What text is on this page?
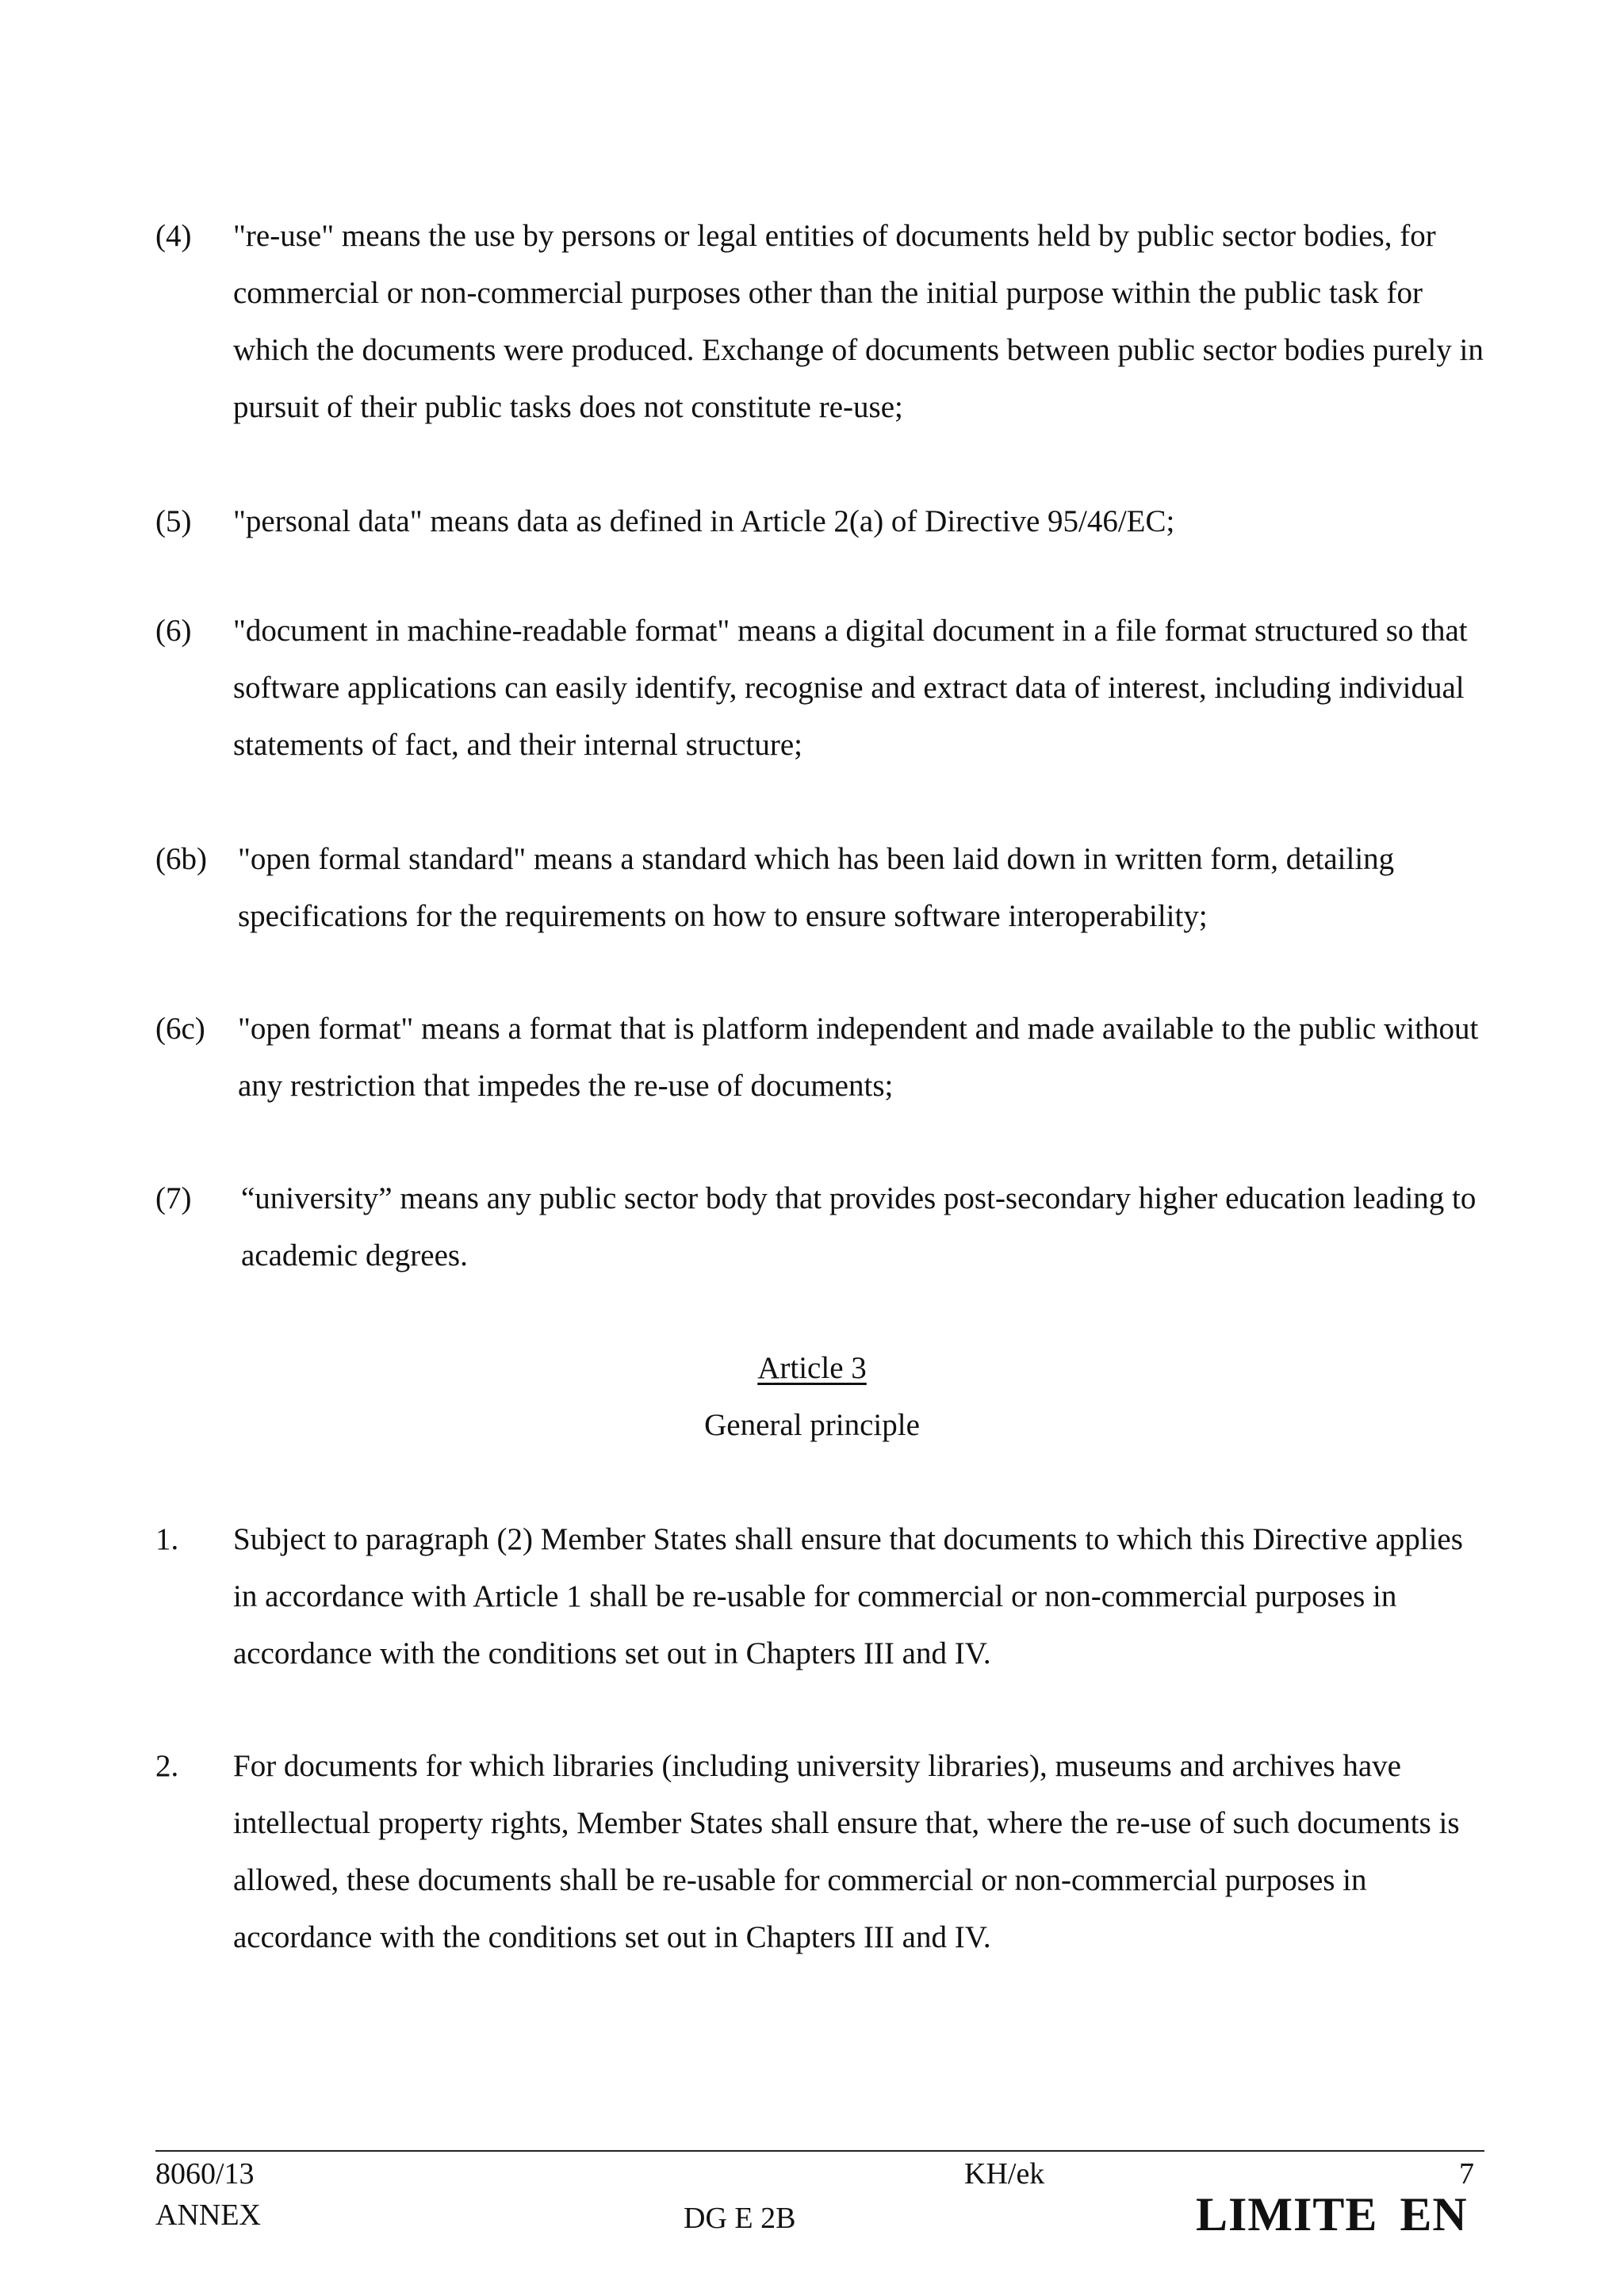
(4) "re-use" means the use by persons or legal entities of documents held by public sector bodies, for commercial or non-commercial purposes other than the initial purpose within the public task for which the documents were produced. Exchange of documents between public sector bodies purely in pursuit of their public tasks does not constitute re-use;
(5) "personal data" means data as defined in Article 2(a) of Directive 95/46/EC;
(6) "document in machine-readable format" means a digital document in a file format structured so that software applications can easily identify, recognise and extract data of interest, including individual statements of fact, and their internal structure;
(6b) "open formal standard" means a standard which has been laid down in written form, detailing specifications for the requirements on how to ensure software interoperability;
(6c) "open format" means a format that is platform independent and made available to the public without any restriction that impedes the re-use of documents;
(7) “university” means any public sector body that provides post-secondary higher education leading to academic degrees.
Article 3
General principle
1. Subject to paragraph (2) Member States shall ensure that documents to which this Directive applies in accordance with Article 1 shall be re-usable for commercial or non-commercial purposes in accordance with the conditions set out in Chapters III and IV.
2. For documents for which libraries (including university libraries), museums and archives have intellectual property rights, Member States shall ensure that, where the re-use of such documents is allowed, these documents shall be re-usable for commercial or non-commercial purposes in accordance with the conditions set out in Chapters III and IV.
8060/13
ANNEX
KH/ek
DG E 2B
7
LIMITE EN
